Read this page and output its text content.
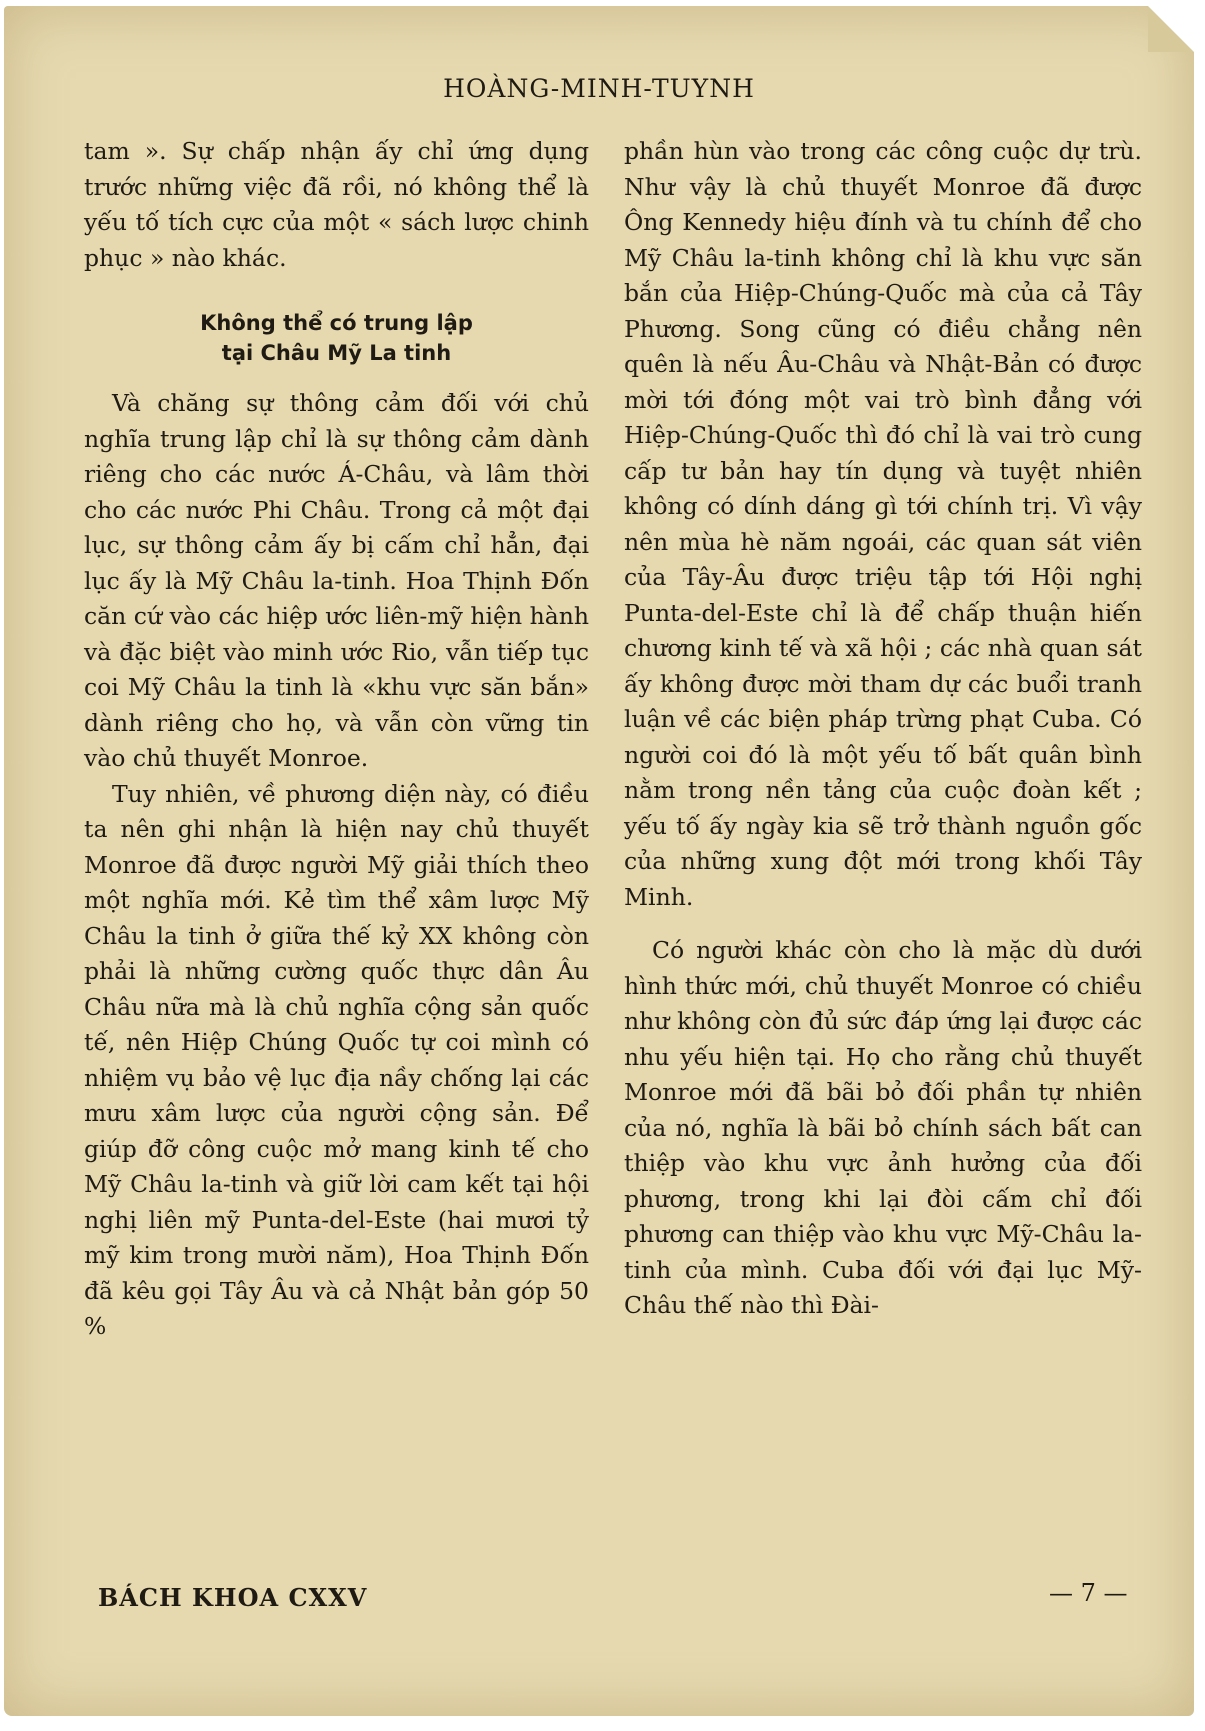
HOÀNG-MINH-TUYNH

tam ». Sự chấp nhận ấy chỉ ứng dụng trước những việc đã rồi, nó không thể là yếu tố tích cực của một « sách lược chinh phục » nào khác.

Không thể có trung lập
tại Châu Mỹ La tinh

Và chăng sự thông cảm đối với chủ nghĩa trung lập chỉ là sự thông cảm dành riêng cho các nước Á-Châu, và lâm thời cho các nước Phi Châu. Trong cả một đại lục, sự thông cảm ấy bị cấm chỉ hẳn, đại lục ấy là Mỹ Châu la-tinh. Hoa Thịnh Đốn căn cứ vào các hiệp ước liên-mỹ hiện hành và đặc biệt vào minh ước Rio, vẫn tiếp tục coi Mỹ Châu la tinh là «khu vực săn bắn» dành riêng cho họ, và vẫn còn vững tin vào chủ thuyết Monroe.

Tuy nhiên, về phương diện này, có điều ta nên ghi nhận là hiện nay chủ thuyết Monroe đã được người Mỹ giải thích theo một nghĩa mới. Kẻ tìm thể xâm lược Mỹ Châu la tinh ở giữa thế kỷ XX không còn phải là những cường quốc thực dân Âu Châu nữa mà là chủ nghĩa cộng sản quốc tế, nên Hiệp Chúng Quốc tự coi mình có nhiệm vụ bảo vệ lục địa nầy chống lại các mưu xâm lược của người cộng sản. Để giúp đỡ công cuộc mở mang kinh tế cho Mỹ Châu la-tinh và giữ lời cam kết tại hội nghị liên mỹ Punta-del-Este (hai mươi tỷ mỹ kim trong mười năm), Hoa Thịnh Đốn đã kêu gọi Tây Âu và cả Nhật bản góp 50 %

phần hùn vào trong các công cuộc dự trù. Như vậy là chủ thuyết Monroe đã được Ông Kennedy hiệu đính và tu chính để cho Mỹ Châu la-tinh không chỉ là khu vực săn bắn của Hiệp-Chúng-Quốc mà của cả Tây Phương. Song cũng có điều chẳng nên quên là nếu Âu-Châu và Nhật-Bản có được mời tới đóng một vai trò bình đẳng với Hiệp-Chúng-Quốc thì đó chỉ là vai trò cung cấp tư bản hay tín dụng và tuyệt nhiên không có dính dáng gì tới chính trị. Vì vậy nên mùa hè năm ngoái, các quan sát viên của Tây-Âu được triệu tập tới Hội nghị Punta-del-Este chỉ là để chấp thuận hiến chương kinh tế và xã hội ; các nhà quan sát ấy không được mời tham dự các buổi tranh luận về các biện pháp trừng phạt Cuba. Có người coi đó là một yếu tố bất quân bình nằm trong nền tảng của cuộc đoàn kết ; yếu tố ấy ngày kia sẽ trở thành nguồn gốc của những xung đột mới trong khối Tây Minh.

Có người khác còn cho là mặc dù dưới hình thức mới, chủ thuyết Monroe có chiều như không còn đủ sức đáp ứng lại được các nhu yếu hiện tại. Họ cho rằng chủ thuyết Monroe mới đã bãi bỏ đối phần tự nhiên của nó, nghĩa là bãi bỏ chính sách bất can thiệp vào khu vực ảnh hưởng của đối phương, trong khi lại đòi cấm chỉ đối phương can thiệp vào khu vực Mỹ-Châu la-tinh của mình. Cuba đối với đại lục Mỹ-Châu thế nào thì Đài-

BÁCH KHOA CXXV	— 7 —
